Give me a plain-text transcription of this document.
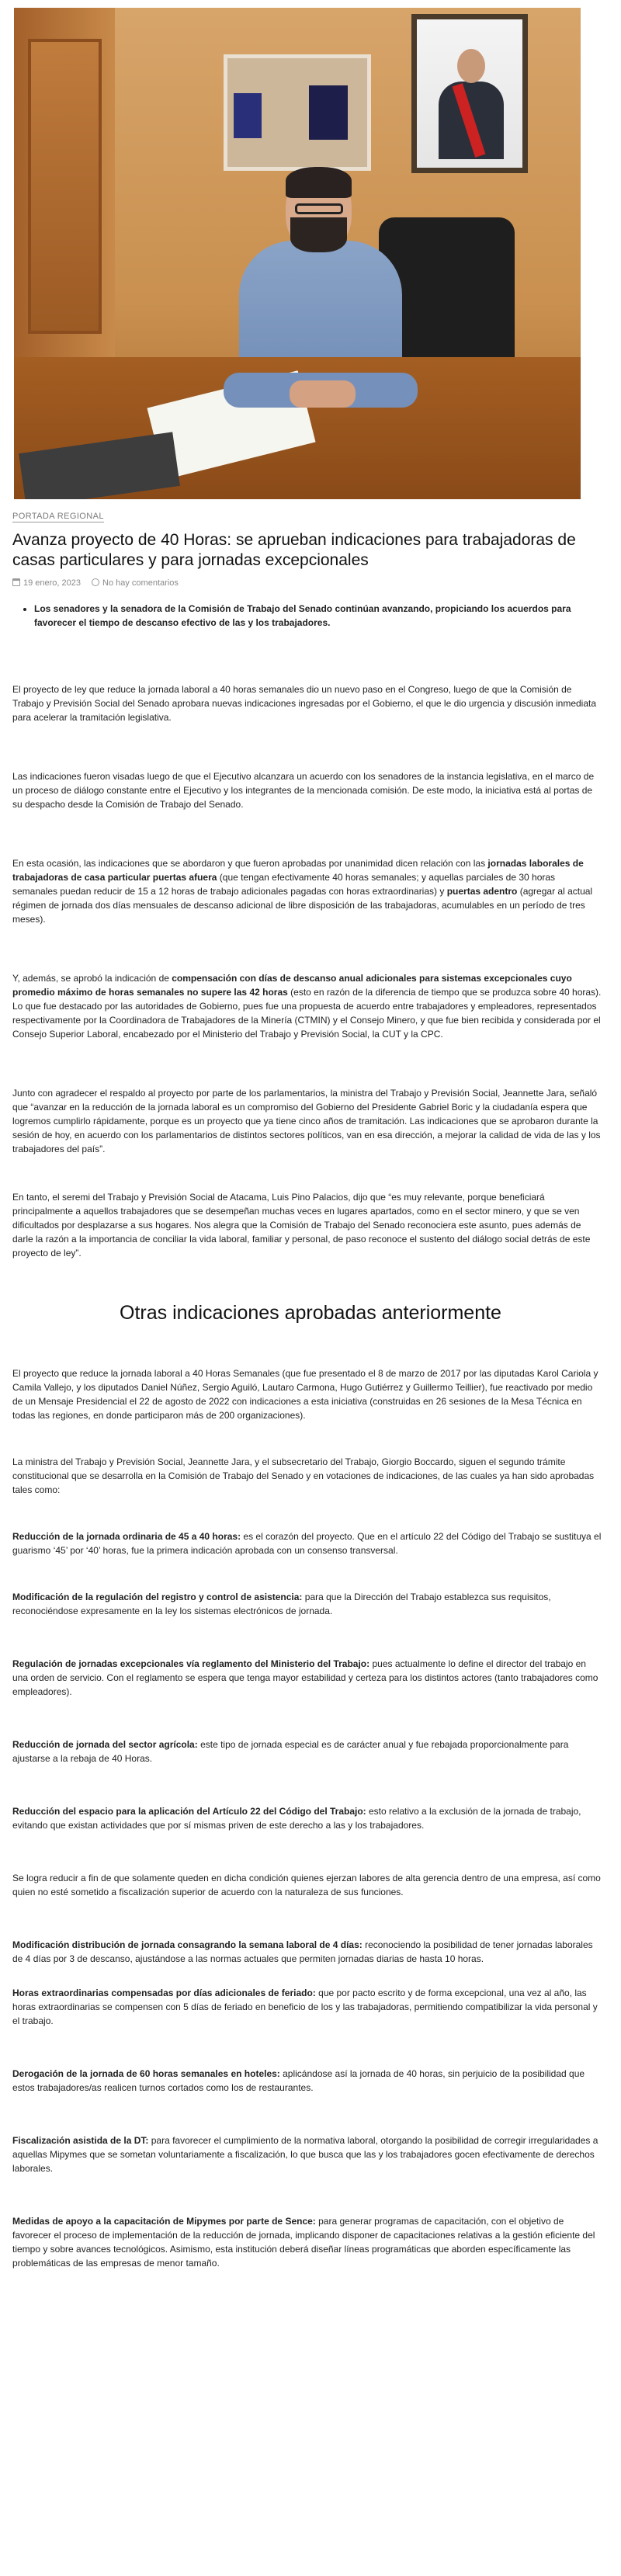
PORTADA REGIONAL
Avanza proyecto de 40 Horas: se aprueban indicaciones para trabajadoras de casas particulares y para jornadas excepcionales
19 enero, 2023	No hay comentarios
• Los senadores y la senadora de la Comisión de Trabajo del Senado continúan avanzando, propiciando los acuerdos para favorecer el tiempo de descanso efectivo de las y los trabajadores.

El proyecto de ley que reduce la jornada laboral a 40 horas semanales dio un nuevo paso en el Congreso, luego de que la Comisión de Trabajo y Previsión Social del Senado aprobara nuevas indicaciones ingresadas por el Gobierno, el que le dio urgencia y discusión inmediata para acelerar la tramitación legislativa.

Las indicaciones fueron visadas luego de que el Ejecutivo alcanzara un acuerdo con los senadores de la instancia legislativa, en el marco de un proceso de diálogo constante entre el Ejecutivo y los integrantes de la mencionada comisión. De este modo, la iniciativa está al portas de su despacho desde la Comisión de Trabajo del Senado.

En esta ocasión, las indicaciones que se abordaron y que fueron aprobadas por unanimidad dicen relación con las jornadas laborales de trabajadoras de casa particular puertas afuera (que tengan efectivamente 40 horas semanales; y aquellas parciales de 30 horas semanales puedan reducir de 15 a 12 horas de trabajo adicionales pagadas con horas extraordinarias) y puertas adentro (agregar al actual régimen de jornada dos días mensuales de descanso adicional de libre disposición de las trabajadoras, acumulables en un período de tres meses).

Y, además, se aprobó la indicación de compensación con días de descanso anual adicionales para sistemas excepcionales cuyo promedio máximo de horas semanales no supere las 42 horas (esto en razón de la diferencia de tiempo que se produzca sobre 40 horas). Lo que fue destacado por las autoridades de Gobierno, pues fue una propuesta de acuerdo entre trabajadores y empleadores, representados respectivamente por la Coordinadora de Trabajadores de la Minería (CTMIN) y el Consejo Minero, y que fue bien recibida y considerada por el Consejo Superior Laboral, encabezado por el Ministerio del Trabajo y Previsión Social, la CUT y la CPC.

Junto con agradecer el respaldo al proyecto por parte de los parlamentarios, la ministra del Trabajo y Previsión Social, Jeannette Jara, señaló que “avanzar en la reducción de la jornada laboral es un compromiso del Gobierno del Presidente Gabriel Boric y la ciudadanía espera que logremos cumplirlo rápidamente, porque es un proyecto que ya tiene cinco años de tramitación. Las indicaciones que se aprobaron durante la sesión de hoy, en acuerdo con los parlamentarios de distintos sectores políticos, van en esa dirección, a mejorar la calidad de vida de las y los trabajadores del país”.

En tanto, el seremi del Trabajo y Previsión Social de Atacama, Luis Pino Palacios, dijo que “es muy relevante, porque beneficiará principalmente a aquellos trabajadores que se desempeñan muchas veces en lugares apartados, como en el sector minero, y que se ven dificultados por desplazarse a sus hogares. Nos alegra que la Comisión de Trabajo del Senado reconociera este asunto, pues además de darle la razón a la importancia de conciliar la vida laboral, familiar y personal, de paso reconoce el sustento del diálogo social detrás de este proyecto de ley”.

Otras indicaciones aprobadas anteriormente

El proyecto que reduce la jornada laboral a 40 Horas Semanales (que fue presentado el 8 de marzo de 2017 por las diputadas Karol Cariola y Camila Vallejo, y los diputados Daniel Núñez, Sergio Aguiló, Lautaro Carmona, Hugo Gutiérrez y Guillermo Teillier), fue reactivado por medio de un Mensaje Presidencial el 22 de agosto de 2022 con indicaciones a esta iniciativa (construidas en 26 sesiones de la Mesa Técnica en todas las regiones, en donde participaron más de 200 organizaciones).

La ministra del Trabajo y Previsión Social, Jeannette Jara, y el subsecretario del Trabajo, Giorgio Boccardo, siguen el segundo trámite constitucional que se desarrolla en la Comisión de Trabajo del Senado y en votaciones de indicaciones, de las cuales ya han sido aprobadas tales como:

Reducción de la jornada ordinaria de 45 a 40 horas: es el corazón del proyecto. Que en el artículo 22 del Código del Trabajo se sustituya el guarismo ‘45’ por ‘40’ horas, fue la primera indicación aprobada con un consenso transversal.

Modificación de la regulación del registro y control de asistencia: para que la Dirección del Trabajo establezca sus requisitos, reconociéndose expresamente en la ley los sistemas electrónicos de jornada.

Regulación de jornadas excepcionales vía reglamento del Ministerio del Trabajo: pues actualmente lo define el director del trabajo en una orden de servicio. Con el reglamento se espera que tenga mayor estabilidad y certeza para los distintos actores (tanto trabajadores como empleadores).

Reducción de jornada del sector agrícola: este tipo de jornada especial es de carácter anual y fue rebajada proporcionalmente para ajustarse a la rebaja de 40 Horas.

Reducción del espacio para la aplicación del Artículo 22 del Código del Trabajo: esto relativo a la exclusión de la jornada de trabajo, evitando que existan actividades que por sí mismas priven de este derecho a las y los trabajadores.

Se logra reducir a fin de que solamente queden en dicha condición quienes ejerzan labores de alta gerencia dentro de una empresa, así como quien no esté sometido a fiscalización superior de acuerdo con la naturaleza de sus funciones.

Modificación distribución de jornada consagrando la semana laboral de 4 días: reconociendo la posibilidad de tener jornadas laborales de 4 días por 3 de descanso, ajustándose a las normas actuales que permiten jornadas diarias de hasta 10 horas.

Horas extraordinarias compensadas por días adicionales de feriado: que por pacto escrito y de forma excepcional, una vez al año, las horas extraordinarias se compensen con 5 días de feriado en beneficio de los y las trabajadoras, permitiendo compatibilizar la vida personal y el trabajo.

Derogación de la jornada de 60 horas semanales en hoteles: aplicándose así la jornada de 40 horas, sin perjuicio de la posibilidad que estos trabajadores/as realicen turnos cortados como los de restaurantes.

Fiscalización asistida de la DT: para favorecer el cumplimiento de la normativa laboral, otorgando la posibilidad de corregir irregularidades a aquellas Mipymes que se sometan voluntariamente a fiscalización, lo que busca que las y los trabajadores gocen efectivamente de derechos laborales.

Medidas de apoyo a la capacitación de Mipymes por parte de Sence: para generar programas de capacitación, con el objetivo de favorecer el proceso de implementación de la reducción de jornada, implicando disponer de capacitaciones relativas a la gestión eficiente del tiempo y sobre avances tecnológicos. Asimismo, esta institución deberá diseñar líneas programáticas que aborden específicamente las problemáticas de las empresas de menor tamaño.
